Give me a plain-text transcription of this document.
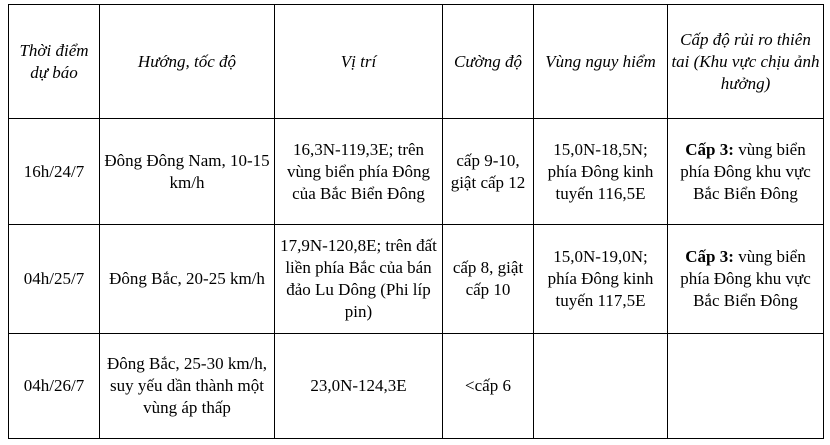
Thời điểm dự báo	Hướng, tốc độ	Vị trí	Cường độ	Vùng nguy hiểm	Cấp độ rủi ro thiên tai (Khu vực chịu ảnh hưởng)
16h/24/7	Đông Đông Nam, 10-15 km/h	16,3N-119,3E; trên vùng biển phía Đông của Bắc Biển Đông	cấp 9-10, giật cấp 12	15,0N-18,5N; phía Đông kinh tuyến 116,5E	Cấp 3: vùng biển phía Đông khu vực Bắc Biển Đông
04h/25/7	Đông Bắc, 20-25 km/h	17,9N-120,8E; trên đất liền phía Bắc của bán đảo Lu Dông (Phi líp pin)	cấp 8, giật cấp 10	15,0N-19,0N; phía Đông kinh tuyến 117,5E	Cấp 3: vùng biển phía Đông khu vực Bắc Biển Đông
04h/26/7	Đông Bắc, 25-30 km/h, suy yếu dần thành một vùng áp thấp	23,0N-124,3E	<cấp 6		
